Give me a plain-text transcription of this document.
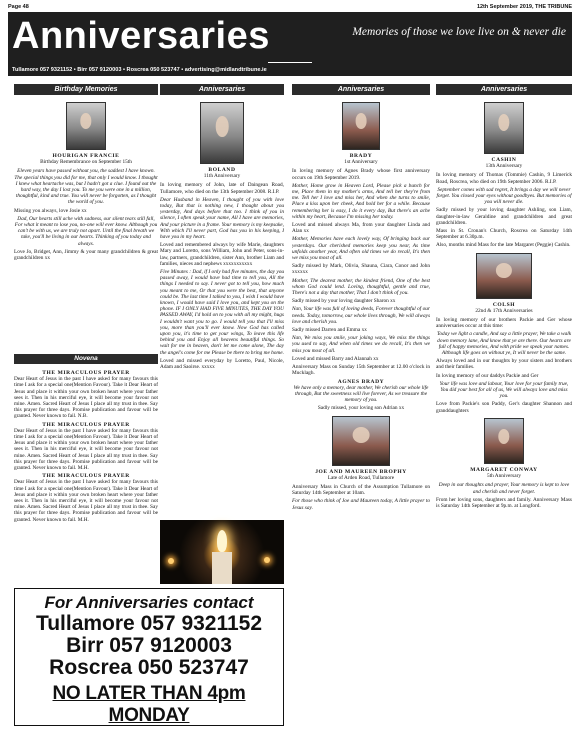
Page 48	12th September 2019, THE TRIBUNE
Anniversaries	Memories of those we love live on & never die
Tullamore 057 9321152 • Birr 057 9120003 • Roscrea 050 523747 • advertising@midlandtribune.ie
Birthday Memories	Anniversaries	Anniversaries	Anniversaries
HOURIGAN FRANCIE
Birthday Remembrance on September 15th

Eleven years have passed without you, the saddest I have known. The special things you did for me, that only I would know. I thought I knew what heartache was, but I hadn't got a clue. I found out the hard way, the day I lost you. To me you were one in a million, thoughtful, kind and true. You will never be forgotten, as I thought the world of you.

Missing you always, love Josie xx

Dad, Our hearts still ache with sadness, our silent tears still fall, For what it meant to lose you, no-one will ever know. Although you can't be with us, we are truly not apart. Until the final breath we take, you'll be living in our hearts. Thinking of you today and always.

Love Jo, Bridget, Ann, Jimmy & your many grandchildren & great grandchildren xx

Novena
THE MIRACULOUS PRAYER

Dear Heart of Jesus in the past I have asked for many favours this time I ask for a special one(Mention Favour). Take it Dear Heart of Jesus and place it within your own broken heart where your father sees it. Then in his merciful eye, it will become your favour not mine. Amen. Sacred Heart of Jesus I place all my trust in thee. Say this prayer for three days. Promise publication and favour will be granted. Never known to fail. N.B.

THE MIRACULOUS PRAYER

Dear Heart of Jesus in the past I have asked for many favours this time I ask for a special one(Mention Favour). Take it Dear Heart of Jesus and place it within your own broken heart where your father sees it. Then in his merciful eye, it will become your favour not mine. Amen. Sacred Heart of Jesus I place all my trust in thee. Say this prayer for three days. Promise publication and favour will be granted. Never known to fail. M.H.

THE MIRACULOUS PRAYER

Dear Heart of Jesus in the past I have asked for many favours this time I ask for a special one(Mention Favour). Take it Dear Heart of Jesus and place it within your own broken heart where your father sees it. Then in his merciful eye, it will become your favour not mine. Amen. Sacred Heart of Jesus I place all my trust in thee. Say this prayer for three days. Promise publication and favour will be granted. Never known to fail. M.H.

BOLAND
11th Anniversary

In loving memory of John, late of Daingean Road, Tullamore, who died on the 13th September 2008. R.I.P.

Dear Husband in Heaven, I thought of you with love today, But that is nothing new, I thought about you yesterday, And days before that too. I think of you in silence, I often speak your name, All I have are memories, And your picture in a frame. Your memory is my keepsake, With which I'll never part, God has you in his keeping, I have you in my heart.

Loved and remembered always by wife Marie, daughters Mary and Loretto, sons William, John and Peter, sons-in-law, partners, grandchildren, sister Ann, brother Liam and families, nieces and nephews xxxxxxxxxxx

Five Minutes : Dad, if I only had five minutes, the day you passed away, I would have had time to tell you, All the things I needed to say. I never got to tell you, how much you meant to me, Or that you were the best, that anyone could be. The last time I talked to you, I wish I would have known, I would have said I love you, and kept you on the phone. IF I ONLY HAD FIVE MINUTES, THE DAY YOU PASSED AWAY, I'd hold on to you with all my might, hugs I wouldn't want you to go. I would tell you that I'll miss you, more than you'll ever know. Now God has called upon you, it's time to get your wings, To leave this life behind you and Enjoy all heavens beautiful things. So wait for me in heaven, don't let me come alone, The day the angel's come for me Please be there to bring me home.

Loved and missed everyday by Loretto, Paul, Nicole, Adam and Saoirse. xxxxx

BRADY
1st Anniversary

In loving memory of Agnes Brady whose first anniversary occurs on 19th September 2019.

Mother, Home grow in Heaven Lord, Please pick a bunch for me, Place them in my mother's arms, And tell her they're from me. Tell her I love and miss her, And when she turns to smile, Place a kiss upon her cheek, And hold her for a while. Because remembering her is easy, I do it every day, But there's an ache within my heart, Because I'm missing her today.

Loved and missed always Ma, from your daughter Linda and Alan xx

Mother, Memories have each lovely way, Of bringing back our yesterdays. Our cherished memories keep you near, As time unfolds another year, And often old times we do recall, It's then we miss you most of all.

Sadly missed by Mark, Olivia, Shauna, Ciara, Conor and John xxxxxx

Mother, The dearest mother, the kindest friend, One of the best whom God could lend. Loving, thoughtful, gentle and true, There's not a day that mother, That I don't think of you.

Sadly missed by your loving daughter Sharon xx

Nan, Your life was full of loving deeds, Forever thoughtful of our needs. Today, tomorrow, our whole lives through, We will always love and cherish you.

Sadly missed Darren and Emma xx

Nan, We miss you smile, your joking ways, We miss the things you used to say, And when old times we do recall, It's then we miss you most of all.

Loved and missed Barry and Alannah xx

Anniversary Mass on Sunday 15th September at 12.00 o'clock in Mucklagh.

AGNES BRADY

We have only a memory, dear mother, We cherish our whole life through, But the sweetness will live forever, As we treasure the memory of you.

Sadly missed, your loving son Adrian xx

JOE AND MAUREEN BROPHY
Late of Arden Road, Tullamore

Anniversary Mass in Church of the Assumption Tullamore on Saturday 14th September at 10am.

For those who think of Joe and Maureen today, A little prayer to Jesus say.

CASHIN
13th Anniversary

In loving memory of Thomas (Tommie) Cashin, 9 Limerick Road, Roscrea, who died on 19th September 2006. R.I.P.

September comes with sad regret, It brings a day we will never forget. You closed your eyes without goodbyes. But memories of you will never die.

Sadly missed by your loving daughter Ashling, son Liam, daughter-in-law Geraldine and grandchildren and great grandchildren.

Mass in St. Cronan's Church, Roscrea on Saturday 14th September at 6.30p.m.

Also, months mind Mass for the late Margaret (Peggie) Cashin.

COLSH
22nd & 17th Anniversaries

In loving memory of our brothers Packie and Ger whose anniversaries occur at this time:

Today we light a candle, And say a little prayer, We take a walk down memory lane, And know that ye are there. Our hearts are full of happy memories, And with pride we speak your names. Although life goes on without ye, It will never be the same.

Always loved and in our thoughts by your sisters and brothers and their families.

In loving memory of our daddys Packie and Ger

Your life was love and labour, Your love for your family true, You did your best for all of us, We will always love and miss you.

Love from Packie's son Paddy, Ger's daughter Shannon and granddaughters

MARGARET CONWAY
5th Anniversary

Deep in our thoughts and prayer, Your memory is kept to love and cherish and never forget.

From her loving sons, daughters and family. Anniversary Mass is Saturday 14th September at 9p.m. at Longford.

For Anniversaries contact
Tullamore 057 9321152
Birr 057 9120003
Roscrea 050 523747
NO LATER THAN 4pm MONDAY
